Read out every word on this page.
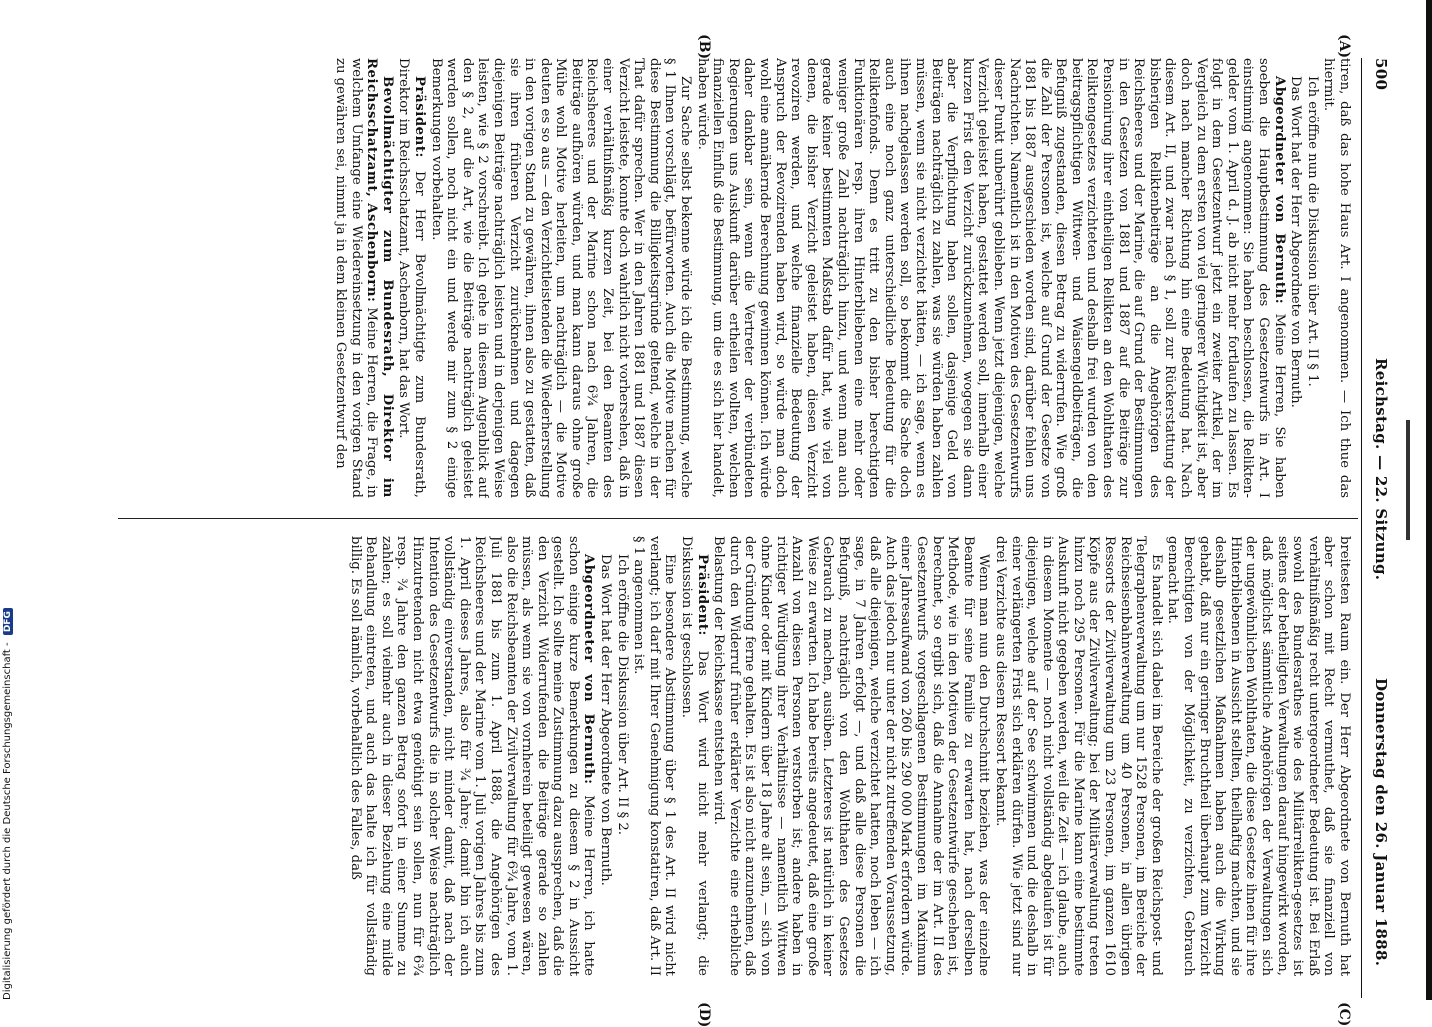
500
Reichstag. — 22. Sitzung.
Donnerstag den 26. Januar 1888.
(A)
(B)
(C)
(D)

tiren, daß das hohe Haus Art. I angenommen. — Ich thue das hiermit.

Ich eröffne nun die Diskussion über Art. II § 1.

Das Wort hat der Herr Abgeordnete von Bernuth.

Abgeordneter von Bernuth: Meine Herren, Sie haben soeben die Hauptbestimmung des Gesetzentwurfs in Art. I einstimmig angenommen: Sie haben beschlossen, die Relikten-gelder vom 1. April d. J. ab nicht mehr fortlaufen zu lassen. Es folgt in dem Gesetzentwurf jetzt ein zweiter Artikel, der im Vergleich zu dem ersten von viel geringerer Wichtigkeit ist, aber doch nach mancher Richtung hin eine Bedeutung hat. Nach diesem Art. II, und zwar nach § 1, soll zur Rückerstattung der bisherigen Reliktenbeiträge an die Angehörigen des Reichsheeres und der Marine, die auf Grund der Bestimmungen in den Gesetzen von 1881 und 1887 auf die Beiträge zur Pensionirung ihrer eintheiligen Relikten an den Wohlthaten des Reliktengesetzes verzichteten und deshalb frei wurden von den beitragspflichtigen Wittwen- und Waisengeldbeiträgen, die Befugniß zugestanden, diesen Betrag zu widerrufen. Wie groß die Zahl der Personen ist, welche auf Grund der Gesetze von 1881 bis 1887 ausgeschieden worden sind, darüber fehlen uns Nachrichten. Namentlich ist in den Motiven des Gesetzentwurfs dieser Punkt unberührt geblieben. Wenn jetzt diejenigen, welche Verzicht geleistet haben, gestattet werden soll, innerhalb einer kurzen Frist den Verzicht zurückzunehmen, wogegen sie dann aber die Verpflichtung haben sollen, dasjenige Geld von Beiträgen nachträglich zu zahlen, was sie würden haben zahlen müssen, wenn sie nicht verzichtet hätten, — ich sage, wenn es ihnen nachgelassen werden soll, so bekommt die Sache doch auch eine noch ganz unterschiedliche Bedeutung für die Reliktenfonds. Denn es tritt zu den bisher berechtigten Funktionären resp. ihren Hinterbliebenen eine mehr oder weniger große Zahl nachträglich hinzu, und wenn man auch gerade keiner bestimmten Maßstab dafür hat, wie viel von denen, die bisher Verzicht geleistet haben, diesen Verzicht revoziren werden, und welche finanzielle Bedeutung der Anspruch der Revozirenden haben wird, so würde man doch wohl eine annähernde Berechnung gewinnen können. Ich würde daher dankbar sein, wenn die Vertreter der verbündeten Regierungen uns Auskunft darüber ertheilen wollten, welchen finanziellen Einfluß die Bestimmung, um die es sich hier handelt, haben würde.

Zur Sache selbst bekenne würde ich die Bestimmung, welche § 1 Ihnen vorschlägt, befürworten. Auch die Motive machen für diese Bestimmung die Billigkeitsgründe geltend, welche in der That dafür sprechen. Wer in den Jahren 1881 und 1887 diesen Verzicht leistete, konnte doch wahrlich nicht vorhersehen, daß in einer verhältnißmäßig kurzen Zeit, bei den Beamten des Reichsheeres und der Marine schon nach 6¾ Jahren, die Beiträge aufhören würden, und man kann daraus ohne große Mühe wohl Motive herleiten, um nachträglich — die Motive deuten es so aus — den Verzichtleistenden die Wiederherstellung in den vorigen Stand zu gewähren, ihnen also zu gestatten, daß sie ihren früheren Verzicht zurücknehmen und dagegen diejenigen Beiträge nachträglich leisten und in derjenigen Weise leisten, wie § 2 vorschreibt. Ich gehe in diesem Augenblick auf den § 2, auf die Art, wie die Beiträge nachträglich geleistet werden sollen, noch nicht ein und werde mir zum § 2 einige Bemerkungen vorbehalten.

Präsident: Der Herr Bevollmächtigte zum Bundesrath, Direktor im Reichsschatzamt, Aschenborn, hat das Wort.

Bevollmächtigter zum Bundesrath, Direktor im Reichsschatzamt, Aschenborn: Meine Herren, die Frage, in welchem Umfange eine Wiedereinsetzung in den vorigen Stand zu gewähren sei, nimmt ja in dem kleinen Gesetzentwurf den

breitesten Raum ein. Der Herr Abgeordnete von Bernuth hat aber schon mit Recht vermuthet, daß sie finanziell von verhältnißmäßig recht untergeordneter Bedeutung ist. Bei Erlaß sowohl des Bundesrathes wie des Militärrelikten-gesetzes ist seitens der betheiligten Verwaltungen darauf hingewirkt worden, daß möglichst sämmtliche Angehörigen der Verwaltungen sich der ungewöhnlichen Wohlthaten, die diese Gesetze ihnen für ihre Hinterbliebenen in Aussicht stellten, theilhaftig machten, und sie deshalb gesetzlichen Maßnahmen haben auch die Wirkung gehabt, daß nur ein geringer Bruchtheil überhaupt zum Verzicht Berechtigten von der Möglichkeit, zu verzichten, Gebrauch gemacht hat.

Es handelt sich dabei im Bereiche der großen Reichspost- und Telegraphenverwaltung um nur 1528 Personen, im Bereiche der Reichseisenbahnverwaltung um 40 Personen, in allen übrigen Ressorts der Zivilverwaltung um 23 Personen, im ganzen 1610 Köpfe aus der Zivilverwaltung; bei der Militärverwaltung treten hinzu noch 295 Personen. Für die Marine kann eine bestimmte Auskunft nicht gegeben werden, weil die Zeit — ich glaube, auch in diesem Momente — noch nicht vollständig abgelaufen ist für diejenigen, welche auf der See schwimmen und die deshalb in einer verlängerten Frist sich erklären dürfen. Wie jetzt sind nur drei Verzichte aus diesem Ressort bekannt.

Wenn man nun den Durchschnitt beziehen, was der einzelne Beamte für seine Familie zu erwarten hat, nach derselben Methode, wie in den Motiven der Gesetzentwürfe geschehen ist, berechnet, so ergibt sich, daß die Annahme der im Art. II des Gesetzentwurfs vorgeschlagenen Bestimmungen im Maximum einer Jahresaufwand von 260 bis 290 000 Mark erfordern würde. Auch das jedoch nur unter der nicht zutreffenden Voraussetzung, daß alle diejenigen, welche verzichtet hatten, noch leben — ich sage, in 7 Jahren erfolgt —, und daß alle diese Personen die Befugniß, nachträglich von den Wohlthaten des Gesetzes Gebrauch zu machen, ausüben. Letzteres ist natürlich in keiner Weise zu erwarten. Ich habe bereits angedeutet, daß eine große Anzahl von diesen Personen verstorben ist; andere haben in richtiger Würdigung ihrer Verhältnisse — namentlich Wittwen ohne Kinder oder mit Kindern über 18 Jahre alt sein, — sich von der Gründung ferne gehalten. Es ist also nicht anzunehmen, daß durch den Widerruf früher erklärter Verzichte eine erhebliche Belastung der Reichskasse entstehen wird.

Präsident: Das Wort wird nicht mehr verlangt; die Diskussion ist geschlossen.

Eine besondere Abstimmung über § 1 des Art. II wird nicht verlangt; ich darf mit Ihrer Genehmigung konstatiren, daß Art. II § 1 angenommen ist.

Ich eröffne die Diskussion über Art. II § 2.

Das Wort hat der Herr Abgeordnete von Bernuth.

Abgeordneter von Bernuth: Meine Herren, ich hatte schon einige kurze Bemerkungen zu diesem § 2 in Aussicht gestellt. Ich sollte meine Zustimmung dazu aussprechen, daß die den Verzicht Widerrufenden die Beiträge gerade so zahlen müssen, als wenn sie von vornherein beteiligt gewesen wären, also die Reichsbeamten der Zivilverwaltung für 6¾ Jahre, vom 1. Juli 1881 bis zum 1. April 1888, die Angehörigen des Reichsheeres und der Marine vom 1. Juli vorigen Jahres bis zum 1. April dieses Jahres, also für ¾ Jahre; damit bin ich auch vollständig einverstanden, nicht minder damit, daß nach der Intention des Gesetzentwurfs die in solcher Weise nachträglich Hinzutretenden nicht etwa genöthigt sein sollen, nun für 6¾ resp. ¾ Jahre den ganzen Betrag sofort in einer Summe zu zahlen; es soll vielmehr auch in dieser Beziehung eine milde Behandlung eintreten, und auch das halte ich für vollständig billig. Es soll nämlich, vorbehaltlich des Falles, daß

Digitalisierung gefördert durch die Deutsche Forschungsgemeinschaft - DFG
